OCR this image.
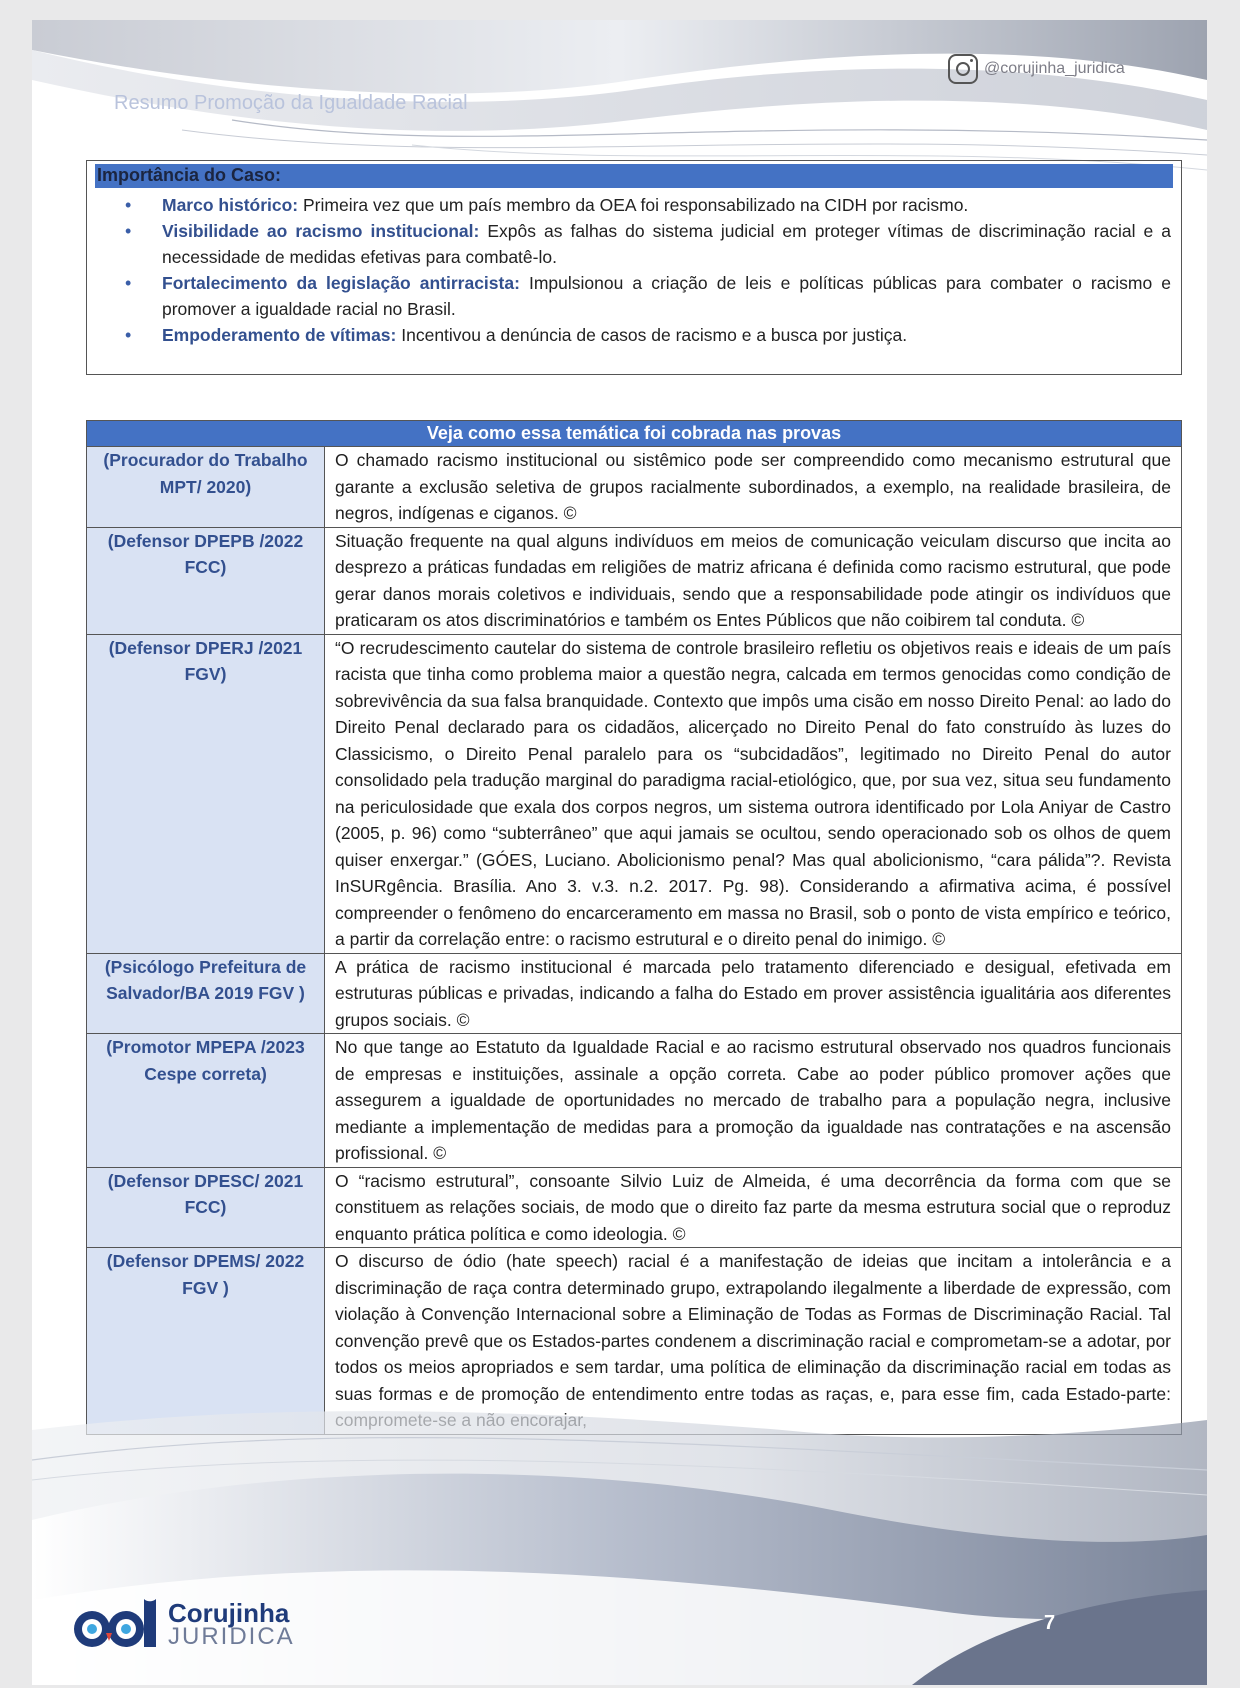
Resumo Promoção da Igualdade Racial
@corujinha_juridica
Importância do Caso:
• Marco histórico: Primeira vez que um país membro da OEA foi responsabilizado na CIDH por racismo.
• Visibilidade ao racismo institucional: Expôs as falhas do sistema judicial em proteger vítimas de discriminação racial e a necessidade de medidas efetivas para combatê-lo.
• Fortalecimento da legislação antirracista: Impulsionou a criação de leis e políticas públicas para combater o racismo e promover a igualdade racial no Brasil.
• Empoderamento de vítimas: Incentivou a denúncia de casos de racismo e a busca por justiça.
Veja como essa temática foi cobrada nas provas	
(Procurador do Trabalho MPT/ 2020)	O chamado racismo institucional ou sistêmico pode ser compreendido como mecanismo estrutural que garante a exclusão seletiva de grupos racialmente subordinados, a exemplo, na realidade brasileira, de negros, indígenas e ciganos. ©
(Defensor DPEPB /2022 FCC)	Situação frequente na qual alguns indivíduos em meios de comunicação veiculam discurso que incita ao desprezo a práticas fundadas em religiões de matriz africana é definida como racismo estrutural, que pode gerar danos morais coletivos e individuais, sendo que a responsabilidade pode atingir os indivíduos que praticaram os atos discriminatórios e também os Entes Públicos que não coibirem tal conduta. ©
(Defensor DPERJ /2021 FGV)	“O recrudescimento cautelar do sistema de controle brasileiro refletiu os objetivos reais e ideais de um país racista que tinha como problema maior a questão negra, calcada em termos genocidas como condição de sobrevivência da sua falsa branquidade. Contexto que impôs uma cisão em nosso Direito Penal: ao lado do Direito Penal declarado para os cidadãos, alicerçado no Direito Penal do fato construído às luzes do Classicismo, o Direito Penal paralelo para os “subcidadãos”, legitimado no Direito Penal do autor consolidado pela tradução marginal do paradigma racial-etiológico, que, por sua vez, situa seu fundamento na periculosidade que exala dos corpos negros, um sistema outrora identificado por Lola Aniyar de Castro (2005, p. 96) como “subterrâneo” que aqui jamais se ocultou, sendo operacionado sob os olhos de quem quiser enxergar.” (GÓES, Luciano. Abolicionismo penal? Mas qual abolicionismo, “cara pálida”?. Revista InSURgência. Brasília. Ano 3. v.3. n.2. 2017. Pg. 98). Considerando a afirmativa acima, é possível compreender o fenômeno do encarceramento em massa no Brasil, sob o ponto de vista empírico e teórico, a partir da correlação entre: o racismo estrutural e o direito penal do inimigo. ©
(Psicólogo Prefeitura de Salvador/BA 2019 FGV )	A prática de racismo institucional é marcada pelo tratamento diferenciado e desigual, efetivada em estruturas públicas e privadas, indicando a falha do Estado em prover assistência igualitária aos diferentes grupos sociais. ©
(Promotor MPEPA /2023 Cespe correta)	No que tange ao Estatuto da Igualdade Racial e ao racismo estrutural observado nos quadros funcionais de empresas e instituições, assinale a opção correta. Cabe ao poder público promover ações que assegurem a igualdade de oportunidades no mercado de trabalho para a população negra, inclusive mediante a implementação de medidas para a promoção da igualdade nas contratações e na ascensão profissional. ©
(Defensor DPESC/ 2021 FCC)	O “racismo estrutural”, consoante Silvio Luiz de Almeida, é uma decorrência da forma com que se constituem as relações sociais, de modo que o direito faz parte da mesma estrutura social que o reproduz enquanto prática política e como ideologia. ©
(Defensor DPEMS/ 2022 FGV )	O discurso de ódio (hate speech) racial é a manifestação de ideias que incitam a intolerância e a discriminação de raça contra determinado grupo, extrapolando ilegalmente a liberdade de expressão, com violação à Convenção Internacional sobre a Eliminação de Todas as Formas de Discriminação Racial. Tal convenção prevê que os Estados-partes condenem a discriminação racial e comprometam-se a adotar, por todos os meios apropriados e sem tardar, uma política de eliminação da discriminação racial em todas as suas formas e de promoção de entendimento entre todas as raças, e, para esse fim, cada Estado-parte:
Corujinha
JURIDICA	7
